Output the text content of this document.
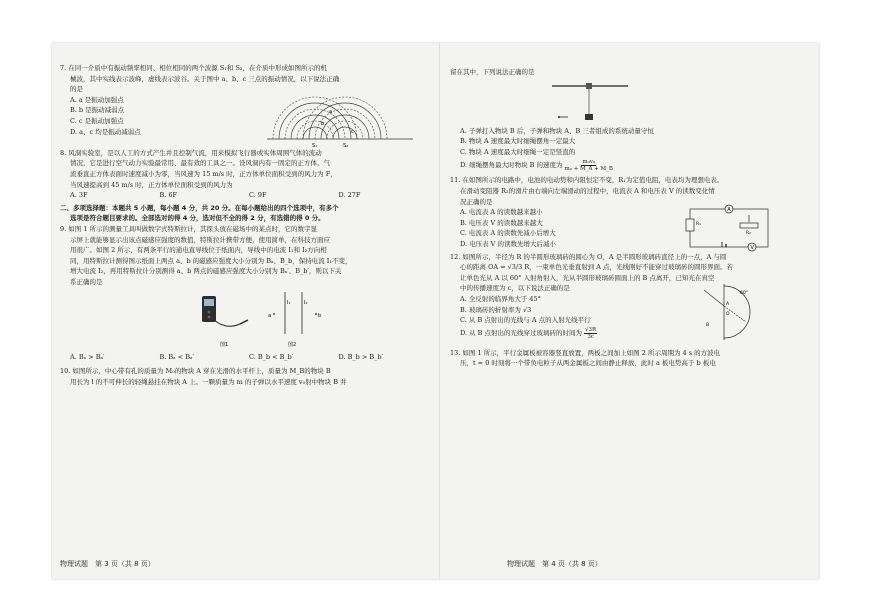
7. 在同一介质中有振动频率相同、相位相同的两个波源 S₁和 S₂，在介质中形成如图所示的机

械波，其中实线表示波峰，虚线表示波谷。关于图中 a、b、c 三点的振动情况，以下说法正确

的是

A. a 是振动加强点

B. b 是振动减弱点

C. c 是振动加强点

D. a、c 均是振动减弱点

S₁	S₂
a
b
c

8. 风洞实验室，是以人工的方式产生并且控制气流，用来模拟飞行器或实体周围气体的流动

情况，它是进行空气动力实验最常用、最有效的工具之一。设风洞内有一固定的正方体，气

流垂直正方体表面时速度减小为零，当风速为 15 m/s 时，正方体单位面积受到的风力为 F，

当风速提高到 45 m/s 时，正方体单位面积受到的风力为

A. 3F	B. 6F	C. 9F	D. 27F

二、多项选择题：本题共 5 小题，每小题 4 分，共 20 分。在每小题给出的四个选项中，有多个

选项是符合题目要求的。全部选对的得 4 分，选对但不全的得 2 分，有选错的得 0 分。

9. 如图 1 所示的测量工具叫做数字式特斯拉计，其探头放在磁场中的某点时，它的数字显

示屏上就能够显示出该点磁感应强度的数值，特斯拉计携带方便，使用简单，在科技方面应

用很广。如图 2 所示，有两条平行的通电直导线位于纸面内，导线中的电流 I₁和 I₂方向相

同，用特斯拉计测得图示纸面上两点 a、b 的磁感应强度大小分别为 Bₐ、B_b，保持电流 I₁不变，

增大电流 I₂，再用特斯拉计分别测得 a、b 两点的磁感应强度大小分别为 Bₐ′、B_b′，则以下关

系正确的是

图1
I₁	I₂
a	b
图2
A. Bₐ > Bₐ′	B. Bₐ < Bₐ′	C. B_b < B_b′	D. B_b > B_b′

10. 如图所示，中心带有孔的质量为 M₀的物块 A 穿在光滑的水平杆上，质量为 M_B的物块 B

用长为 l 的不可伸长的轻绳悬挂在物块 A 上。一颗质量为 m 的子弹以水平速度 v₀射中物块 B 并

物理试题　第 3 页（共 8 页）

留在其中，下列说法正确的是

A. 子弹打入物块 B 后，子弹和物块 A、B 三者组成的系统动量守恒

B. 物块 A 速度最大时细绳摆角一定最大

C. 物块 A 速度最大时细绳一定是竖直的

D. 细绳摆角最大时物块 B 的速度为 $\frac{\text{m₀v₀}}{\text{m₀ + M\_A + M\_B}}$

11. 在如图所示的电路中，电池的电动势和内阻恒定不变，R₁为定值电阻，电表均为理想电表。

在滑动变阻器 R₂的滑片由右端向左端滑动的过程中，电流表 A 和电压表 V 的读数变化情

况正确的是

A. 电流表 A 的读数越来越小

B. 电压表 V 的读数越来越大

C. 电流表 A 的读数先减小后增大

D. 电压表 V 的读数先增大后减小

A
R₁
R₂
V

12. 如图所示，半径为 R 的半圆形玻璃砖的圆心为 O，A 是半圆形玻璃砖直径上的一点，A 与圆

心的距离 OA = √3/3 R，一束单色光垂直射到 A 点，光线刚好不能穿过玻璃砖的圆形界面。若

让单色光从 A 以 60° 入射角射入，光从半圆形玻璃砖圆面上的 B 点离开，已知光在真空

中的传播速度为 c，以下说法正确的是

A. 全反射的临界角大于 45°

B. 玻璃砖的折射率为 √3

C. 从 B 点射出的光线与 A 点的入射光线平行

D. 从 B 点射出的光线穿过玻璃砖的时间为 $\frac{√3R}{3c}$

60°
A
O
B

13. 如图 1 所示，平行金属板被容器竖直放置，两板之间加上如图 2 所示周期为 4 s 的方波电

压，t = 0 时刻将一个带负电粒子从两金属板之间由静止释放，此时 a 板电势高于 b 板电

物理试题　第 4 页（共 8 页）
